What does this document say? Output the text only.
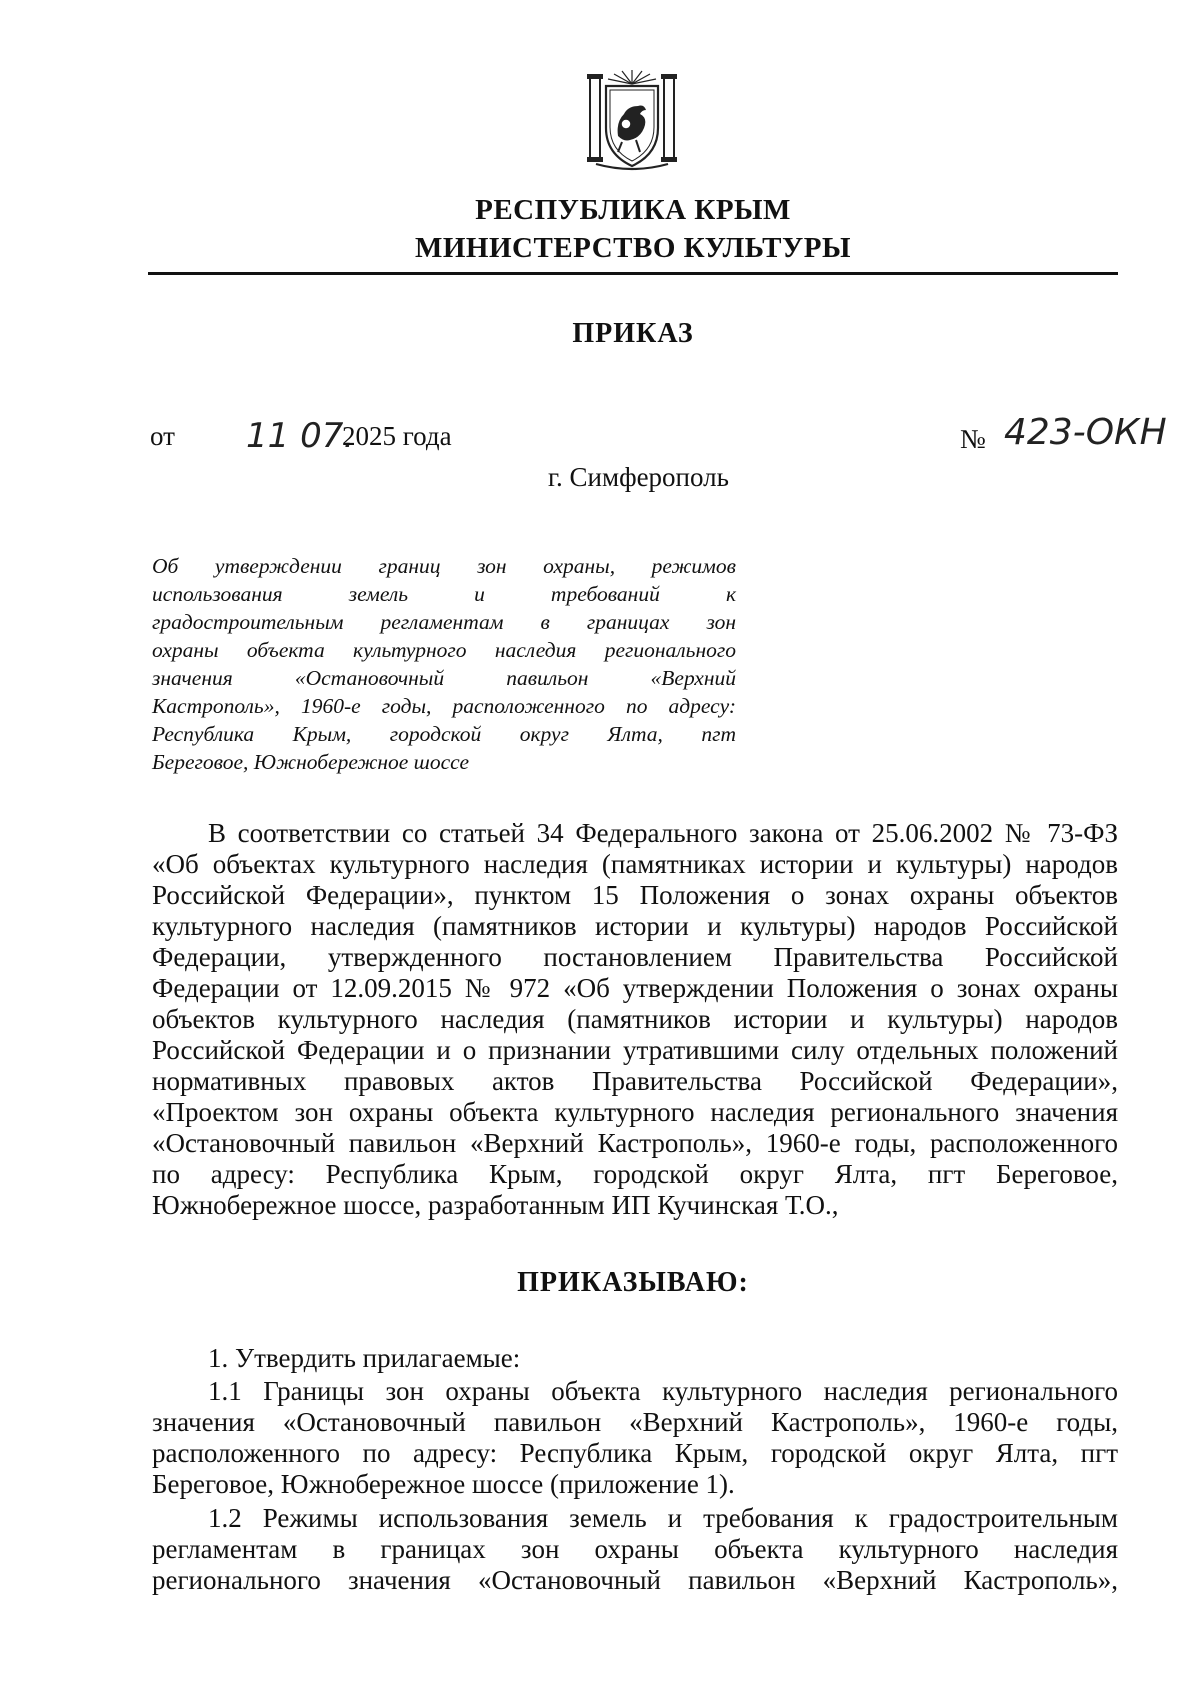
РЕСПУБЛИКА КРЫМ
МИНИСТЕРСТВО КУЛЬТУРЫ
ПРИКАЗ
от 11 07.
2025 года	№ 423-ОКН
г. Симферополь
Об утверждении границ зон охраны, режимов
использования земель и требований к
градостроительным регламентам в границах зон
охраны объекта культурного наследия регионального
значения «Остановочный павильон «Верхний
Кастрополь», 1960-е годы, расположенного по адресу:
Республика Крым, городской округ Ялта, пгт
Береговое, Южнобережное шоссе
В соответствии со статьей 34 Федерального закона от 25.06.2002 № 73-ФЗ
«Об объектах культурного наследия (памятниках истории и культуры) народов
Российской Федерации», пунктом 15 Положения о зонах охраны объектов
культурного наследия (памятников истории и культуры) народов Российской
Федерации, утвержденного постановлением Правительства Российской
Федерации от 12.09.2015 № 972 «Об утверждении Положения о зонах охраны
объектов культурного наследия (памятников истории и культуры) народов
Российской Федерации и о признании утратившими силу отдельных положений
нормативных правовых актов Правительства Российской Федерации»,
«Проектом зон охраны объекта культурного наследия регионального значения
«Остановочный павильон «Верхний Кастрополь», 1960-е годы, расположенного
по адресу: Республика Крым, городской округ Ялта, пгт Береговое,
Южнобережное шоссе, разработанным ИП Кучинская Т.О.,
ПРИКАЗЫВАЮ:
1. Утвердить прилагаемые:
1.1 Границы зон охраны объекта культурного наследия регионального
значения «Остановочный павильон «Верхний Кастрополь», 1960-е годы,
расположенного по адресу: Республика Крым, городской округ Ялта, пгт
Береговое, Южнобережное шоссе (приложение 1).
1.2 Режимы использования земель и требования к градостроительным
регламентам в границах зон охраны объекта культурного наследия
регионального значения «Остановочный павильон «Верхний Кастрополь»,
